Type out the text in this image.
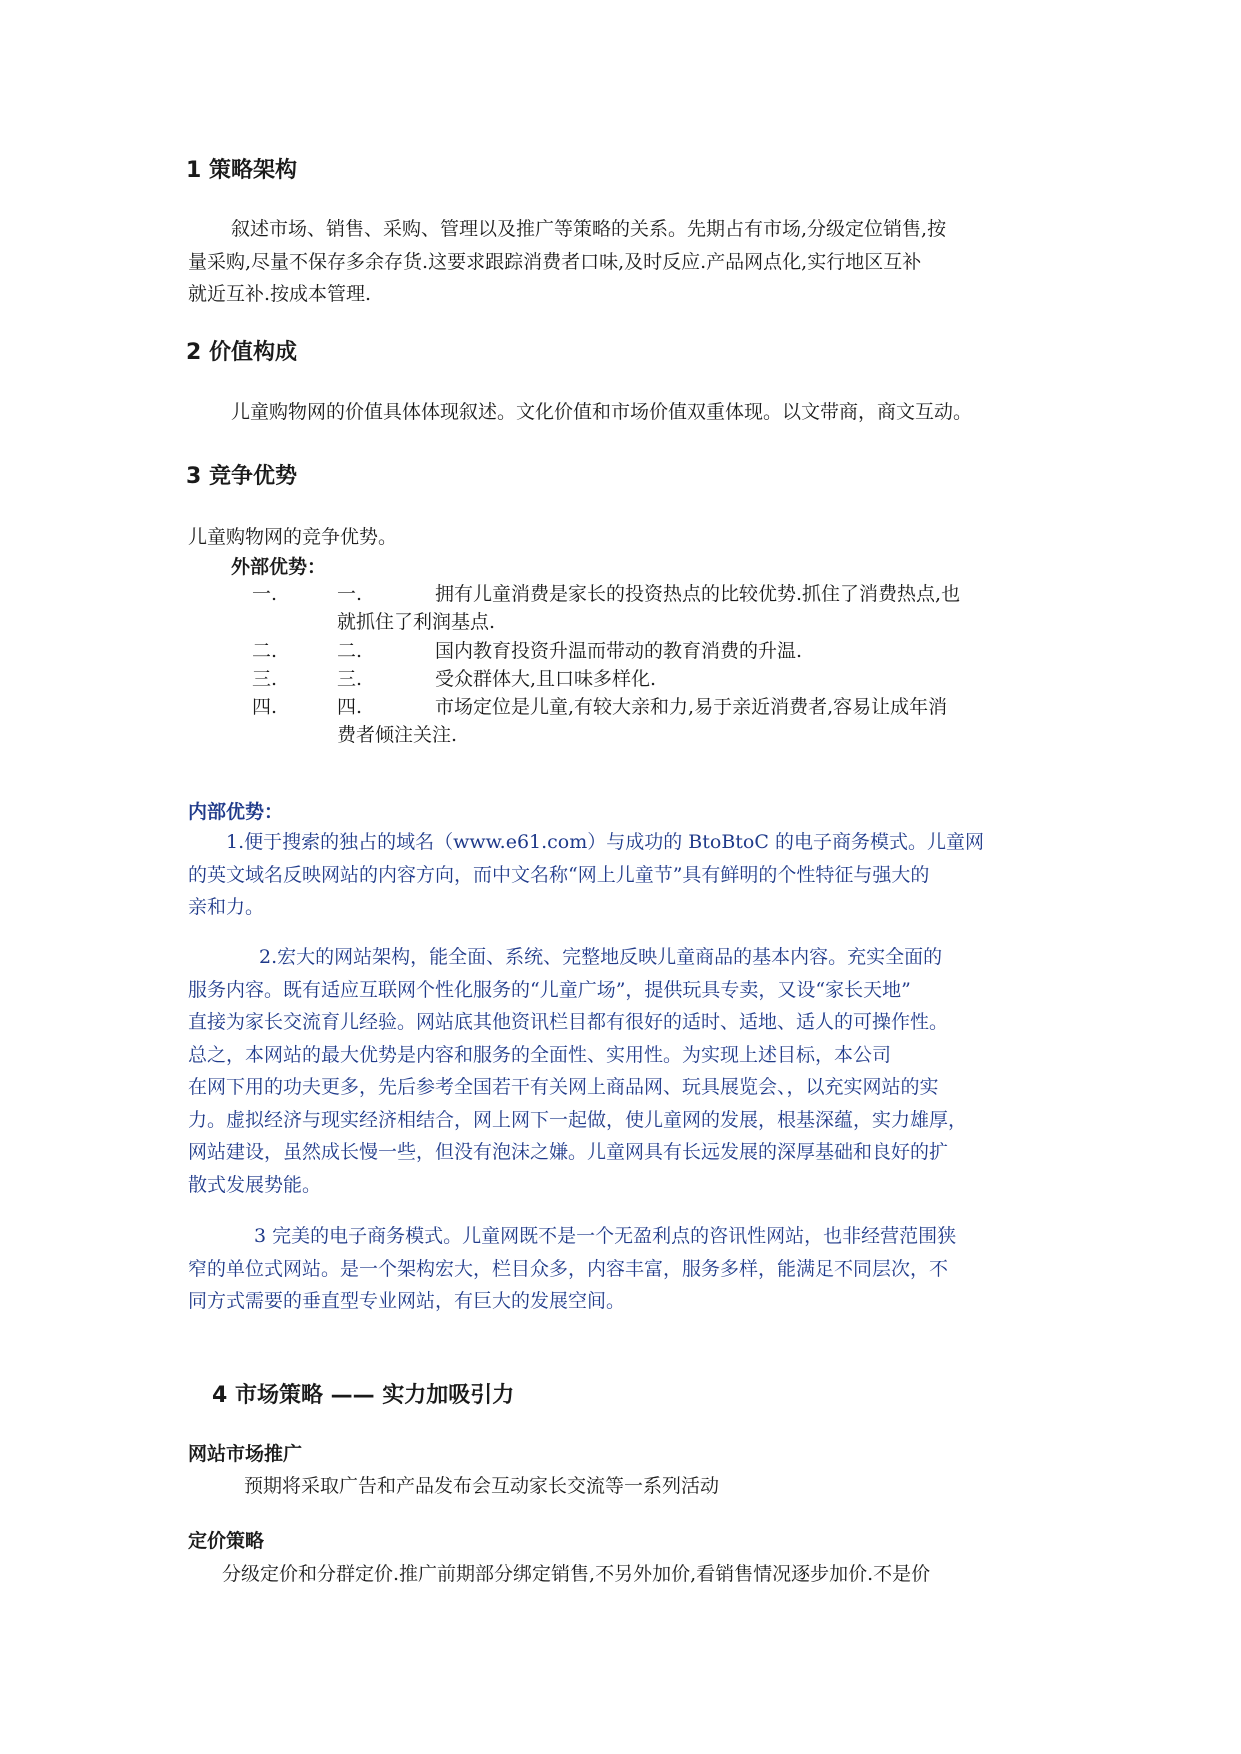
1 策略架构
叙述市场、销售、采购、管理以及推广等策略的关系。先期占有市场,分级定位销售,按
量采购,尽量不保存多余存货.这要求跟踪消费者口味,及时反应.产品网点化,实行地区互补
就近互补.按成本管理.
2 价值构成
儿童购物网的价值具体体现叙述。文化价值和市场价值双重体现。以文带商，商文互动。
3 竞争优势
儿童购物网的竞争优势。
外部优势：
一.	一.	拥有儿童消费是家长的投资热点的比较优势.抓住了消费热点,也
就抓住了利润基点.
二.	二.	国内教育投资升温而带动的教育消费的升温.
三.	三.	受众群体大,且口味多样化.
四.	四.	市场定位是儿童,有较大亲和力,易于亲近消费者,容易让成年消
费者倾注关注.
内部优势：
1.便于搜索的独占的域名（www.e61.com）与成功的 BtoBtoC 的电子商务模式。儿童网
的英文域名反映网站的内容方向，而中文名称“网上儿童节”具有鲜明的个性特征与强大的
亲和力。
2.宏大的网站架构，能全面、系统、完整地反映儿童商品的基本内容。充实全面的
服务内容。既有适应互联网个性化服务的“儿童广场”，提供玩具专卖，又设“家长天地”
直接为家长交流育儿经验。网站底其他资讯栏目都有很好的适时、适地、适人的可操作性。
总之，本网站的最大优势是内容和服务的全面性、实用性。为实现上述目标，本公司
在网下用的功夫更多，先后参考全国若干有关网上商品网、玩具展览会、，以充实网站的实
力。虚拟经济与现实经济相结合，网上网下一起做，使儿童网的发展，根基深蕴，实力雄厚，
网站建设，虽然成长慢一些，但没有泡沫之嫌。儿童网具有长远发展的深厚基础和良好的扩
散式发展势能。
3 完美的电子商务模式。儿童网既不是一个无盈利点的咨讯性网站，也非经营范围狭
窄的单位式网站。是一个架构宏大，栏目众多，内容丰富，服务多样，能满足不同层次，不
同方式需要的垂直型专业网站，有巨大的发展空间。
4 市场策略 —— 实力加吸引力
网站市场推广
预期将采取广告和产品发布会互动家长交流等一系列活动
定价策略
分级定价和分群定价.推广前期部分绑定销售,不另外加价,看销售情况逐步加价.不是价
